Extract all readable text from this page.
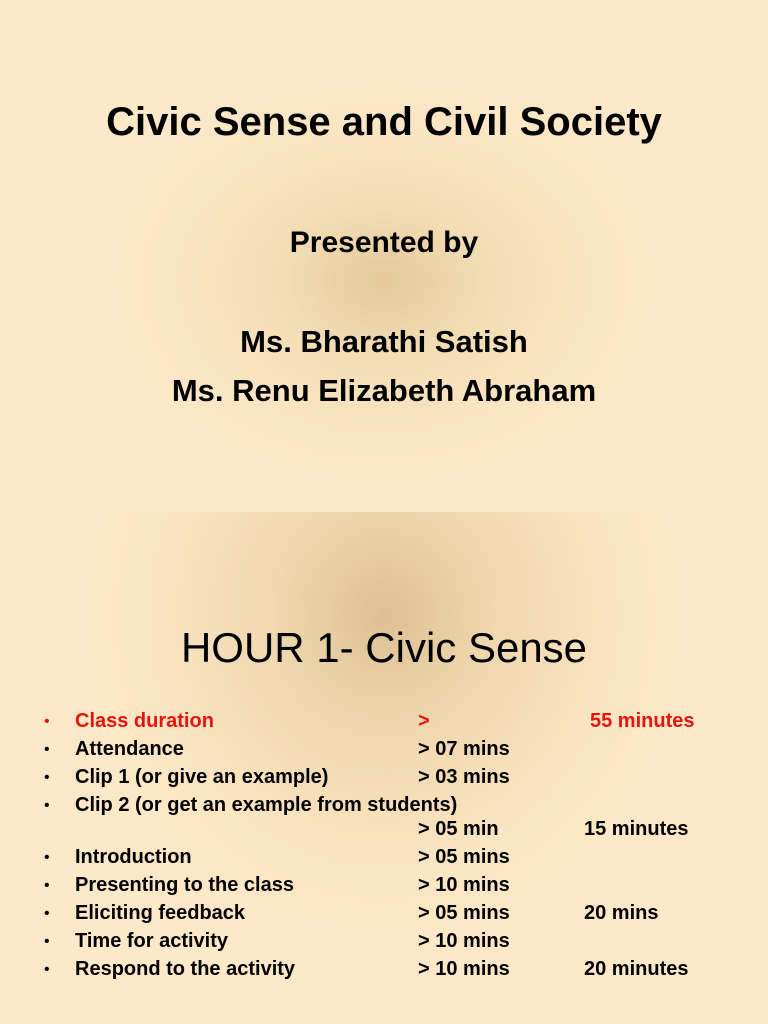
Civic Sense and Civil Society
Presented by
Ms. Bharathi Satish
Ms. Renu Elizabeth Abraham
HOUR 1- Civic Sense
• Class duration	>	55 minutes
• Attendance	> 07 mins
• Clip 1 (or give an example)	> 03 mins
• Clip 2 (or get an example from students)
> 05 min	15 minutes
• Introduction	> 05 mins
• Presenting to the class	> 10 mins
• Eliciting feedback	> 05 mins	20 mins
• Time for activity	> 10 mins
• Respond to the activity	> 10 mins	20 minutes
